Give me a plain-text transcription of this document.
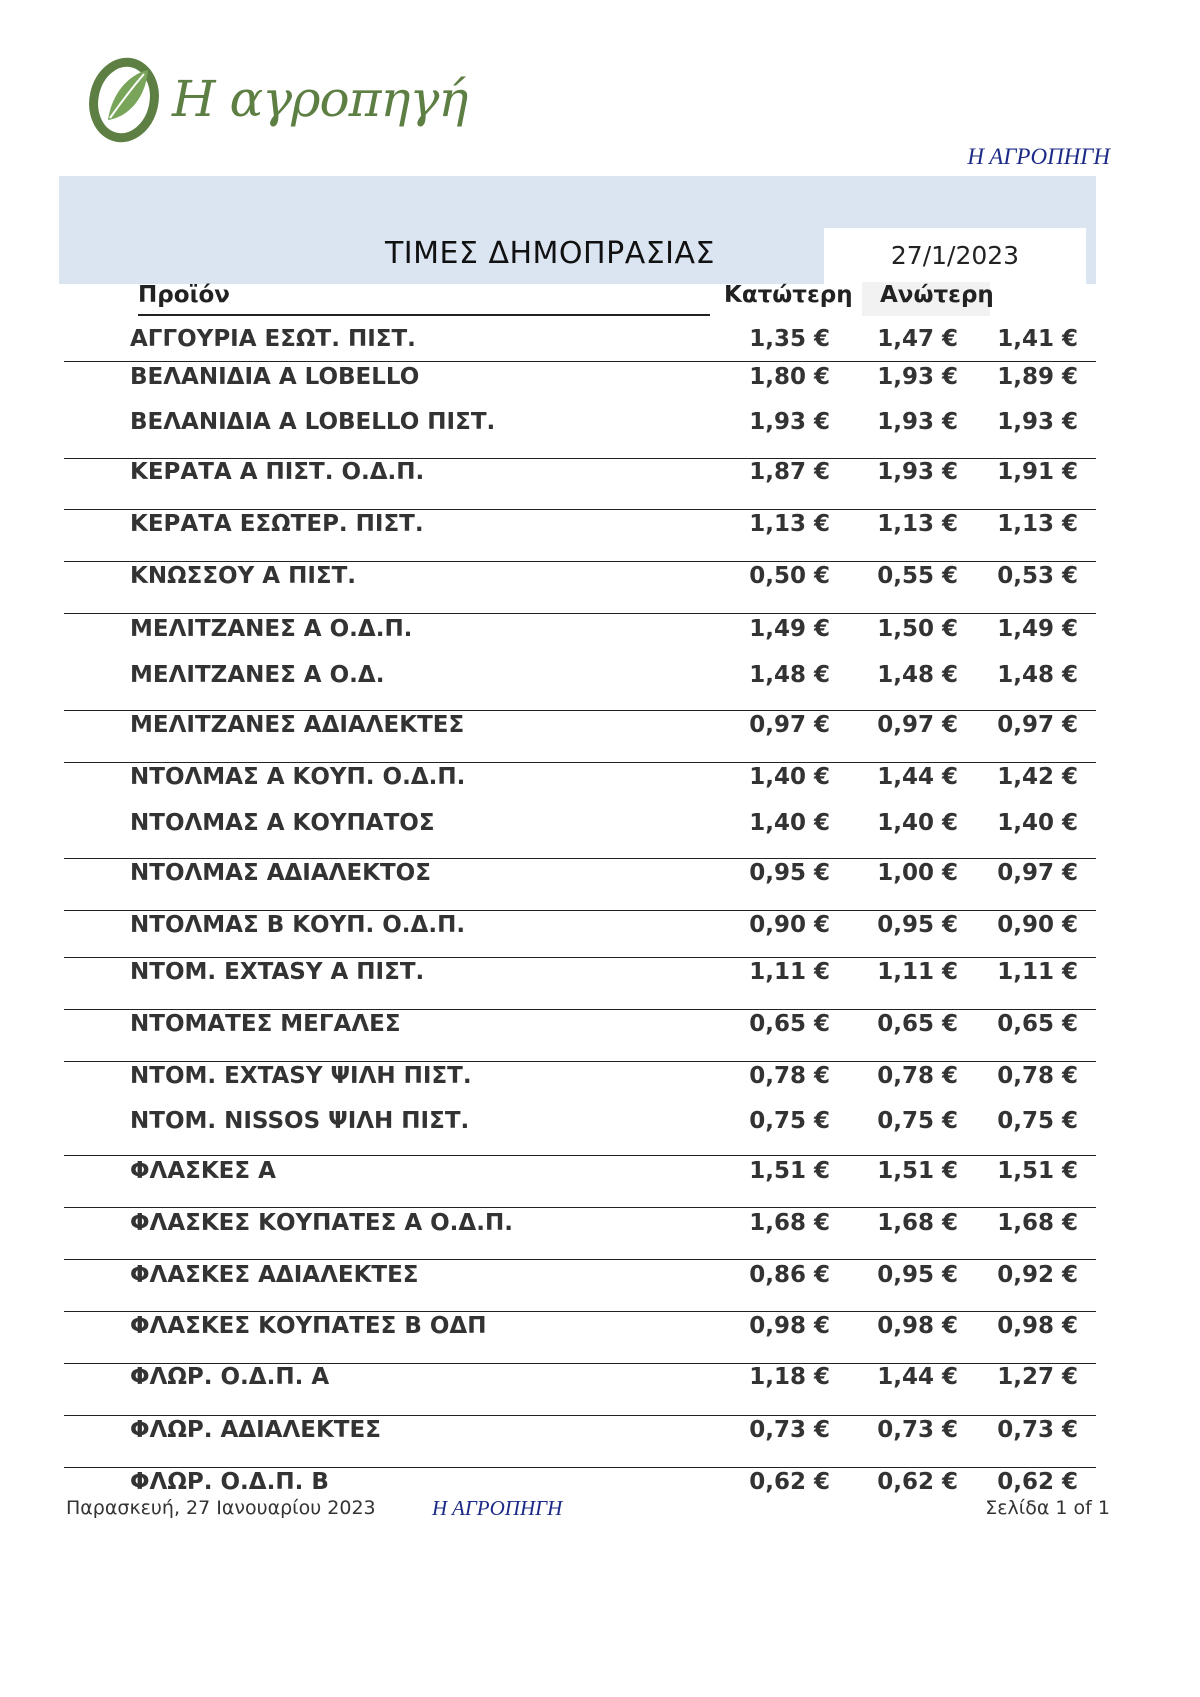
Η αγροπηγή
Η ΑΓΡΟΠΗΓΗ
27/1/2023
ΤΙΜΕΣ ΔΗΜΟΠΡΑΣΙΑΣ
Προϊόν	Κατώτερη Ανώτερη
ΑΓΓΟΥΡΙΑ ΕΣΩΤ. ΠΙΣΤ.	1,35 €	1,47 €	1,41 €
ΒΕΛΑΝΙΔΙΑ Α LOBELLO	1,80 €	1,93 €	1,89 €
ΒΕΛΑΝΙΔΙΑ Α LOBELLO ΠΙΣΤ.	1,93 €	1,93 €	1,93 €
ΚΕΡΑΤΑ Α ΠΙΣΤ. Ο.Δ.Π.	1,87 €	1,93 €	1,91 €
ΚΕΡΑΤΑ ΕΣΩΤΕΡ. ΠΙΣΤ.	1,13 €	1,13 €	1,13 €
ΚΝΩΣΣΟΥ Α ΠΙΣΤ.	0,50 €	0,55 €	0,53 €
ΜΕΛΙΤΖΑΝΕΣ Α Ο.Δ.Π.	1,49 €	1,50 €	1,49 €
ΜΕΛΙΤΖΑΝΕΣ Α Ο.Δ.	1,48 €	1,48 €	1,48 €
ΜΕΛΙΤΖΑΝΕΣ ΑΔΙΑΛΕΚΤΕΣ	0,97 €	0,97 €	0,97 €
ΝΤΟΛΜΑΣ Α ΚΟΥΠ. Ο.Δ.Π.	1,40 €	1,44 €	1,42 €
ΝΤΟΛΜΑΣ Α ΚΟΥΠΑΤΟΣ	1,40 €	1,40 €	1,40 €
ΝΤΟΛΜΑΣ ΑΔΙΑΛΕΚΤΟΣ	0,95 €	1,00 €	0,97 €
ΝΤΟΛΜΑΣ Β ΚΟΥΠ. Ο.Δ.Π.	0,90 €	0,95 €	0,90 €
ΝΤΟΜ. EXTASY Α ΠΙΣΤ.	1,11 €	1,11 €	1,11 €
ΝΤΟΜΑΤΕΣ ΜΕΓΑΛΕΣ	0,65 €	0,65 €	0,65 €
ΝΤΟΜ. EXTASY ΨΙΛΗ ΠΙΣΤ.	0,78 €	0,78 €	0,78 €
ΝΤΟΜ. NISSOS ΨΙΛΗ ΠΙΣΤ.	0,75 €	0,75 €	0,75 €
ΦΛΑΣΚΕΣ Α	1,51 €	1,51 €	1,51 €
ΦΛΑΣΚΕΣ ΚΟΥΠΑΤΕΣ Α Ο.Δ.Π.	1,68 €	1,68 €	1,68 €
ΦΛΑΣΚΕΣ ΑΔΙΑΛΕΚΤΕΣ	0,86 €	0,95 €	0,92 €
ΦΛΑΣΚΕΣ ΚΟΥΠΑΤΕΣ Β ΟΔΠ	0,98 €	0,98 €	0,98 €
ΦΛΩΡ. Ο.Δ.Π. Α	1,18 €	1,44 €	1,27 €
ΦΛΩΡ. ΑΔΙΑΛΕΚΤΕΣ	0,73 €	0,73 €	0,73 €
ΦΛΩΡ. Ο.Δ.Π. Β	0,62 €	0,62 €	0,62 €
Παρασκευή, 27 Ιανουαρίου 2023	Η ΑΓΡΟΠΗΓΗ	Σελίδα 1 of 1
